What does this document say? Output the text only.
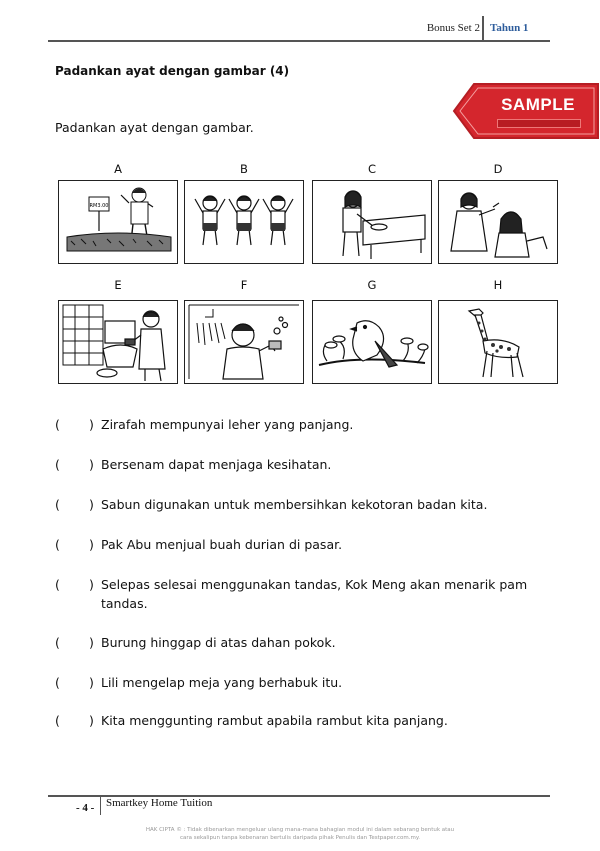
Bonus Set 2 Tahun 1
Padankan ayat dengan gambar (4)
SAMPLE
Padankan ayat dengan gambar.
A	B	C	D
RM3.00
E	F	G	H
( ) Zirafah mempunyai leher yang panjang.
( ) Bersenam dapat menjaga kesihatan.
( ) Sabun digunakan untuk membersihkan kekotoran badan kita.
( ) Pak Abu menjual buah durian di pasar.
( ) Selepas selesai menggunakan tandas, Kok Meng akan menarik pam tandas.
( ) Burung hinggap di atas dahan pokok.
( ) Lili mengelap meja yang berhabuk itu.
( ) Kita menggunting rambut apabila rambut kita panjang.
- 4 - Smartkey Home Tuition
HAK CIPTA © : Tidak dibenarkan mengeluar ulang mana-mana bahagian modul ini dalam sebarang bentuk atau cara sekalipun tanpa kebenaran bertulis daripada pihak Penulis dan Testpaper.com.my.
